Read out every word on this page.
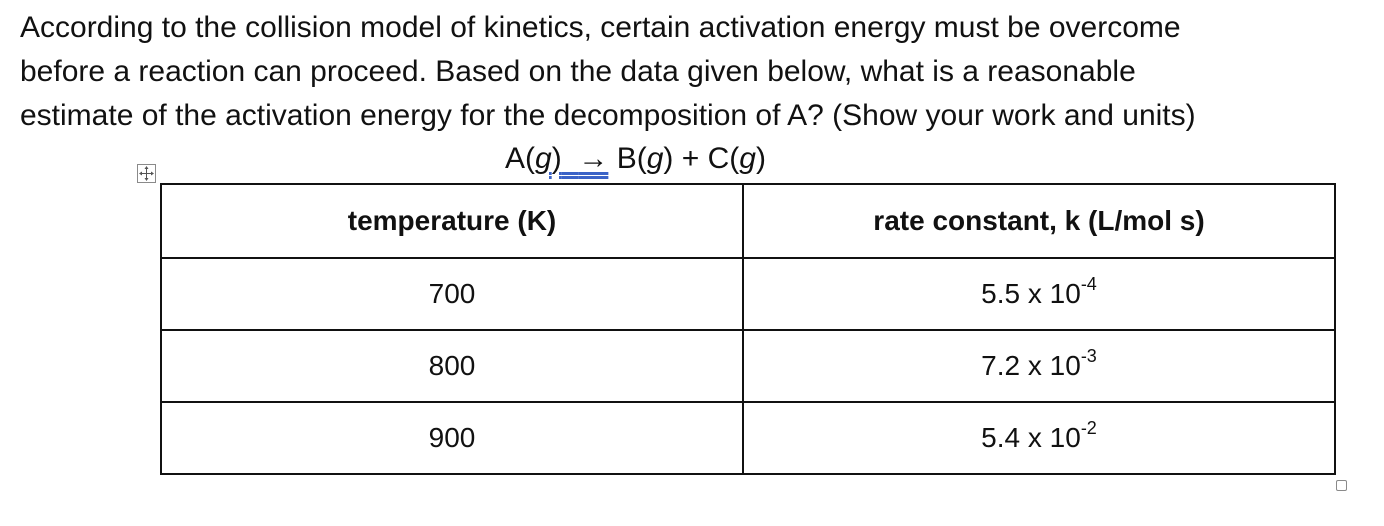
According to the collision model of kinetics, certain activation energy must be overcome
before a reaction can proceed. Based on the data given below, what is a reasonable
estimate of the activation energy for the decomposition of A? (Show your work and units)

A(g) → B(g) + C(g)
temperature (K)	rate constant, k (L/mol s)
700	5.5 x $10^{-4}$
800	7.2 x $10^{-3}$
900	5.4 x $10^{-2}$
